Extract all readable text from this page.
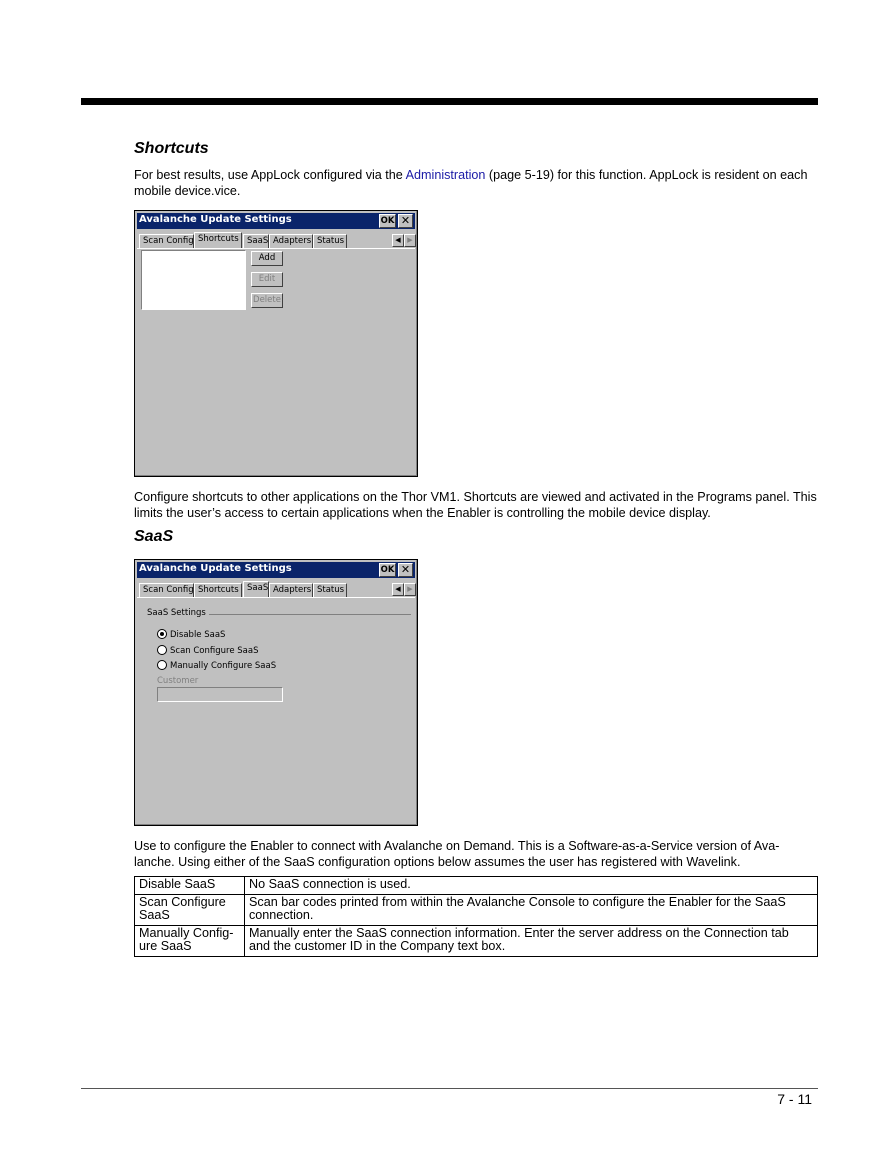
Shortcuts

For best results, use AppLock configured via the Administration (page 5-19) for this function. AppLock is resident on each mobile device.vice.

Avalanche Update Settings	OK ✕
Scan Config Shortcuts SaaS Adapters Status	◀ ▶
Add
Edit
Delete

Configure shortcuts to other applications on the Thor VM1. Shortcuts are viewed and activated in the Programs panel. This limits the user’s access to certain applications when the Enabler is controlling the mobile device display.

SaaS
Avalanche Update Settings	OK ✕
Scan Config Shortcuts SaaS Adapters Status	◀ ▶
SaaS Settings
Disable SaaS
Scan Configure SaaS
Manually Configure SaaS
Customer

Use to configure the Enabler to connect with Avalanche on Demand. This is a Software-as-a-Service version of Ava-lanche. Using either of the SaaS configuration options below assumes the user has registered with Wavelink.

Disable SaaS	No SaaS connection is used.
Scan Configure SaaS	Scan bar codes printed from within the Avalanche Console to configure the Enabler for the SaaS connection.
Manually Config-ure SaaS	Manually enter the SaaS connection information. Enter the server address on the Connection tab and the customer ID in the Company text box.
7 - 11
